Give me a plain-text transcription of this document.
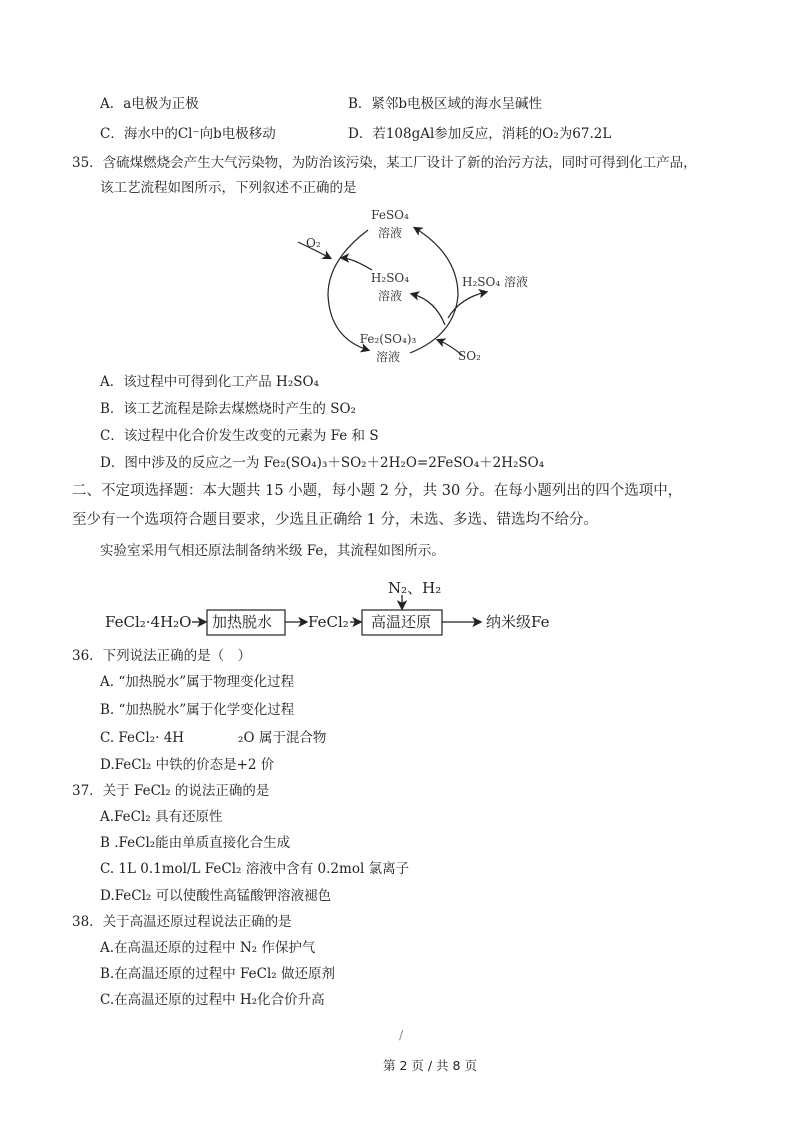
A．a电极为正极	B．紧邻b电极区域的海水呈碱性
C．海水中的Cl⁻向b电极移动	D．若108gAl参加反应，消耗的O₂为67.2L
35．含硫煤燃烧会产生大气污染物，为防治该污染，某工厂设计了新的治污方法，同时可得到化工产品，
该工艺流程如图所示，下列叙述不正确的是
FeSO₄
溶液
O₂
H₂SO₄
溶液
H₂SO₄ 溶液
Fe₂(SO₄)₃
溶液	SO₂
A．该过程中可得到化工产品 H₂SO₄
B．该工艺流程是除去煤燃烧时产生的 SO₂
C．该过程中化合价发生改变的元素为 Fe 和 S
D．图中涉及的反应之一为 Fe₂(SO₄)₃＋SO₂＋2H₂O=2FeSO₄＋2H₂SO₄
二、不定项选择题：本大题共 15 小题，每小题 2 分，共 30 分。在每小题列出的四个选项中，
至少有一个选项符合题目要求，少选且正确给 1 分，未选、多选、错选均不给分。
实验室采用气相还原法制备纳米级 Fe，其流程如图所示。
N₂、H₂
FeCl₂·4H₂O 加热脱水 FeCl₂ 高温还原	纳米级Fe
36．下列说法正确的是（　）
A. “加热脱水”属于物理变化过程
B. “加热脱水”属于化学变化过程
C. FeCl₂· 4H　　　　₂O 属于混合物
D.FeCl₂ 中铁的价态是+2 价
37．关于 FeCl₂ 的说法正确的是
A.FeCl₂ 具有还原性
B .FeCl₂能由单质直接化合生成
C. 1L 0.1mol/L FeCl₂ 溶液中含有 0.2mol 氯离子
D.FeCl₂ 可以使酸性高锰酸钾溶液褪色
38．关于高温还原过程说法正确的是
A.在高温还原的过程中 N₂ 作保护气
B.在高温还原的过程中 FeCl₂ 做还原剂
C.在高温还原的过程中 H₂化合价升高
/
第 2 页 / 共 8 页
